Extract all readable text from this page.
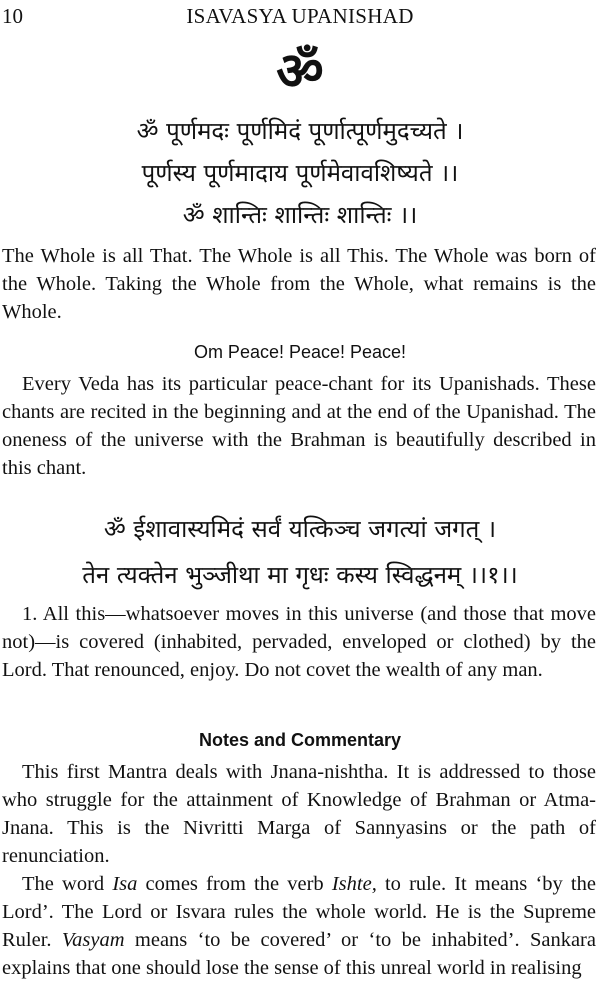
10	ISAVASYA UPANISHAD
ॐ
ॐ पूर्णमदः पूर्णमिदं पूर्णात्पूर्णमुदच्यते ।
पूर्णस्य पूर्णमादाय पूर्णमेवावशिष्यते ।।
ॐ शान्तिः शान्तिः शान्तिः ।।
The Whole is all That. The Whole is all This. The Whole was born of the Whole. Taking the Whole from the Whole, what remains is the Whole.
Om Peace! Peace! Peace!
Every Veda has its particular peace-chant for its Upanishads. These chants are recited in the beginning and at the end of the Upanishad. The oneness of the universe with the Brahman is beautifully described in this chant.
ॐ ईशावास्यमिदं सर्वं यत्किञ्च जगत्यां जगत् ।
तेन त्यक्तेन भुञ्जीथा मा गृधः कस्य स्विद्धनम् ।।१।।
1. All this—whatsoever moves in this universe (and those that move not)—is covered (inhabited, pervaded, enveloped or clothed) by the Lord. That renounced, enjoy. Do not covet the wealth of any man.
Notes and Commentary
This first Mantra deals with Jnana-nishtha. It is addressed to those who struggle for the attainment of Knowledge of Brahman or Atma-Jnana. This is the Nivritti Marga of Sannyasins or the path of renunciation.
The word Isa comes from the verb Ishte, to rule. It means ‘by the Lord’. The Lord or Isvara rules the whole world. He is the Supreme Ruler. Vasyam means ‘to be covered’ or ‘to be inhabited’. Sankara explains that one should lose the sense of this unreal world in realising
